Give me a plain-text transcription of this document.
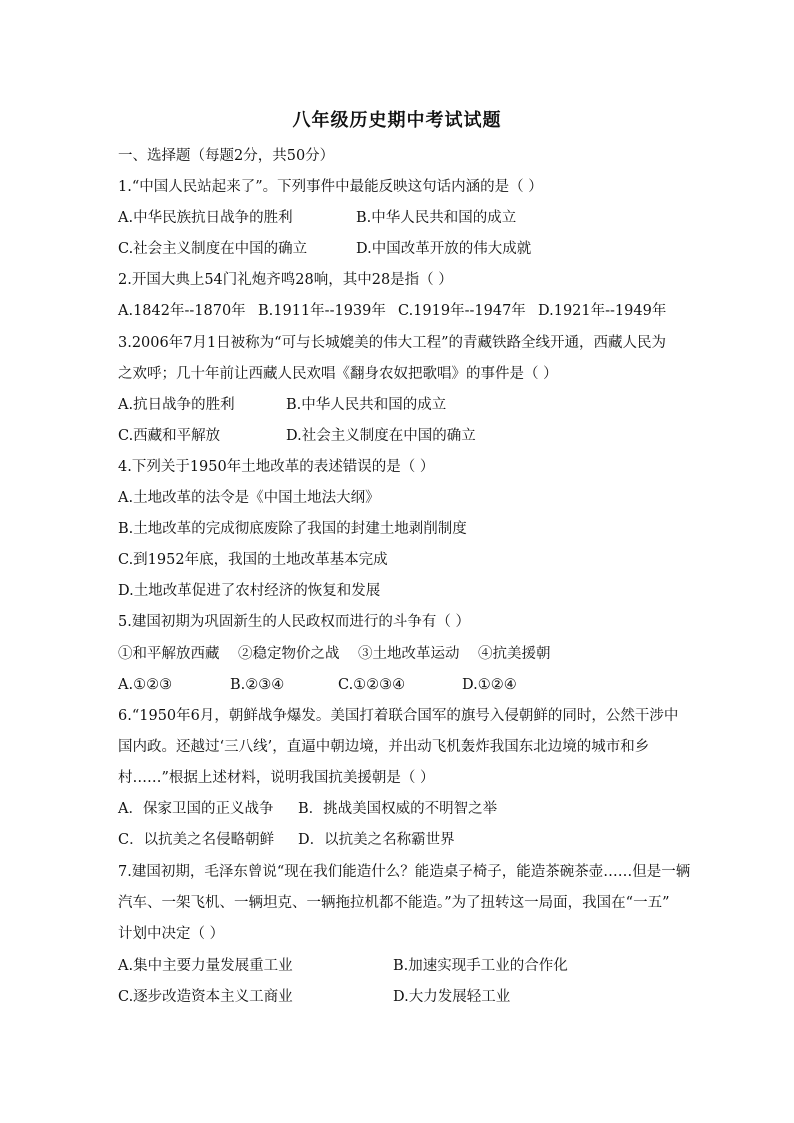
八年级历史期中考试试题
一、选择题（每题2分，共50分）
1.“中国人民站起来了”。下列事件中最能反映这句话内涵的是（ ）
A.中华民族抗日战争的胜利	B.中华人民共和国的成立
C.社会主义制度在中国的确立	D.中国改革开放的伟大成就
2.开国大典上54门礼炮齐鸣28响，其中28是指（ ）
A.1842年--1870年 B.1911年--1939年 C.1919年--1947年 D.1921年--1949年
3.2006年7月1日被称为“可与长城媲美的伟大工程”的青藏铁路全线开通，西藏人民为
之欢呼；几十年前让西藏人民欢唱《翻身农奴把歌唱》的事件是（ ）
A.抗日战争的胜利	B.中华人民共和国的成立
C.西藏和平解放	D.社会主义制度在中国的确立
4.下列关于1950年土地改革的表述错误的是（ ）
A.土地改革的法令是《中国土地法大纲》
B.土地改革的完成彻底废除了我国的封建土地剥削制度
C.到1952年底，我国的土地改革基本完成
D.土地改革促进了农村经济的恢复和发展
5.建国初期为巩固新生的人民政权而进行的斗争有（ ）
①和平解放西藏 ②稳定物价之战 ③土地改革运动 ④抗美援朝
A.①②③	B.②③④	C.①②③④	D.①②④
6.“1950年6月，朝鲜战争爆发。美国打着联合国军的旗号入侵朝鲜的同时，公然干涉中
国内政。还越过‘三八线’，直逼中朝边境，并出动飞机轰炸我国东北边境的城市和乡
村……”根据上述材料，说明我国抗美援朝是（ ）
A．保家卫国的正义战争 B．挑战美国权威的不明智之举
C．以抗美之名侵略朝鲜 D．以抗美之名称霸世界
7.建国初期，毛泽东曾说“现在我们能造什么？能造桌子椅子，能造茶碗茶壶……但是一辆
汽车、一架飞机、一辆坦克、一辆拖拉机都不能造。”为了扭转这一局面，我国在“一五”
计划中决定（ ）
A.集中主要力量发展重工业	B.加速实现手工业的合作化
C.逐步改造资本主义工商业	D.大力发展轻工业
